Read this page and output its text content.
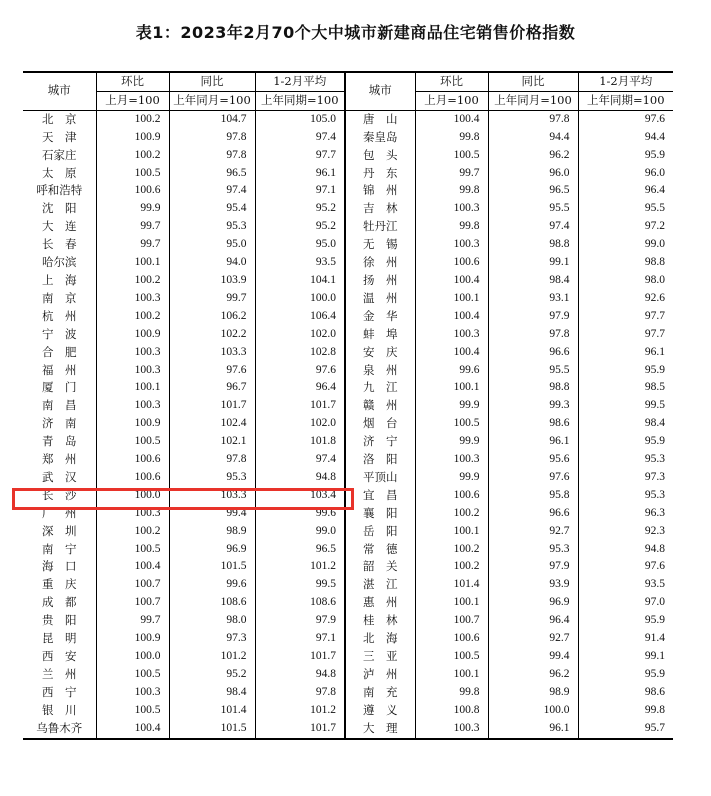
表1：2023年2月70个大中城市新建商品住宅销售价格指数
城市	环比	同比	1-2月平均	城市	环比	同比	1-2月平均
	上月=100	上年同月=100	上年同期=100		上月=100	上年同月=100	上年同期=100
北　京	100.2	104.7	105.0	唐　山	100.4	97.8	97.6
天　津	100.9	97.8	97.4	秦皇岛	99.8	94.4	94.4
石家庄	100.2	97.8	97.7	包　头	100.5	96.2	95.9
太　原	100.5	96.5	96.1	丹　东	99.7	96.0	96.0
呼和浩特	100.6	97.4	97.1	锦　州	99.8	96.5	96.4
沈　阳	99.9	95.4	95.2	吉　林	100.3	95.5	95.5
大　连	99.7	95.3	95.2	牡丹江	99.8	97.4	97.2
长　春	99.7	95.0	95.0	无　锡	100.3	98.8	99.0
哈尔滨	100.1	94.0	93.5	徐　州	100.6	99.1	98.8
上　海	100.2	103.9	104.1	扬　州	100.4	98.4	98.0
南　京	100.3	99.7	100.0	温　州	100.1	93.1	92.6
杭　州	100.2	106.2	106.4	金　华	100.4	97.9	97.7
宁　波	100.9	102.2	102.0	蚌　埠	100.3	97.8	97.7
合　肥	100.3	103.3	102.8	安　庆	100.4	96.6	96.1
福　州	100.3	97.6	97.6	泉　州	99.6	95.5	95.9
厦　门	100.1	96.7	96.4	九　江	100.1	98.8	98.5
南　昌	100.3	101.7	101.7	赣　州	99.9	99.3	99.5
济　南	100.9	102.4	102.0	烟　台	100.5	98.6	98.4
青　岛	100.5	102.1	101.8	济　宁	99.9	96.1	95.9
郑　州	100.6	97.8	97.4	洛　阳	100.3	95.6	95.3
武　汉	100.6	95.3	94.8	平顶山	99.9	97.6	97.3
长　沙	100.0	103.3	103.4	宜　昌	100.6	95.8	95.3
广　州	100.3	99.4	99.6	襄　阳	100.2	96.6	96.3
深　圳	100.2	98.9	99.0	岳　阳	100.1	92.7	92.3
南　宁	100.5	96.9	96.5	常　德	100.2	95.3	94.8
海　口	100.4	101.5	101.2	韶　关	100.2	97.9	97.6
重　庆	100.7	99.6	99.5	湛　江	101.4	93.9	93.5
成　都	100.7	108.6	108.6	惠　州	100.1	96.9	97.0
贵　阳	99.7	98.0	97.9	桂　林	100.7	96.4	95.9
昆　明	100.9	97.3	97.1	北　海	100.6	92.7	91.4
西　安	100.0	101.2	101.7	三　亚	100.5	99.4	99.1
兰　州	100.5	95.2	94.8	泸　州	100.1	96.2	95.9
西　宁	100.3	98.4	97.8	南　充	99.8	98.9	98.6
银　川	100.5	101.4	101.2	遵　义	100.8	100.0	99.8
乌鲁木齐	100.4	101.5	101.7	大　理	100.3	96.1	95.7
